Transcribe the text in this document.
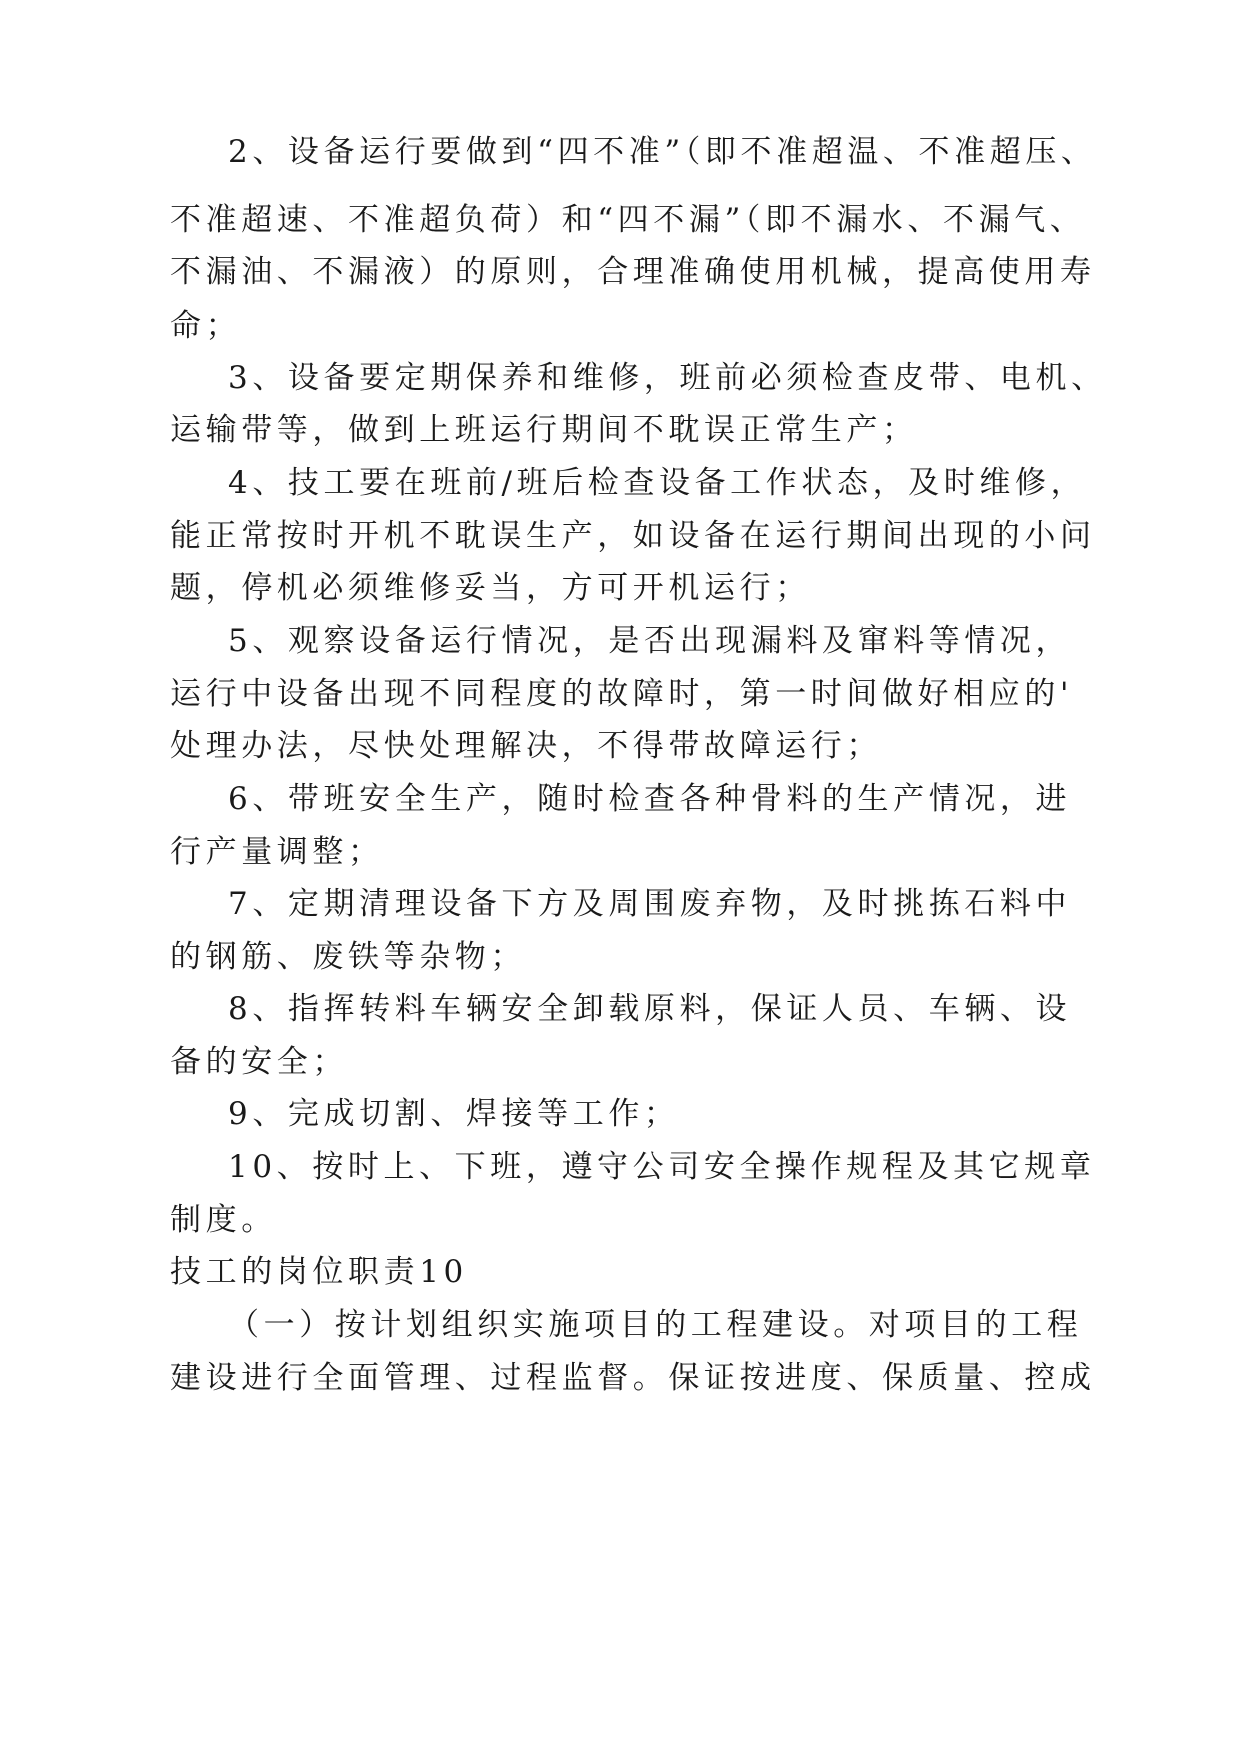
2、设备运行要做到“四不准”（即不准超温、不准超压、
不准超速、不准超负荷）和“四不漏”（即不漏水、不漏气、
不漏油、不漏液）的原则，合理准确使用机械，提高使用寿
命；
3、设备要定期保养和维修，班前必须检查皮带、电机、
运输带等，做到上班运行期间不耽误正常生产；
4、技工要在班前/班后检查设备工作状态，及时维修，
能正常按时开机不耽误生产，如设备在运行期间出现的小问
题，停机必须维修妥当，方可开机运行；
5、观察设备运行情况，是否出现漏料及窜料等情况，
运行中设备出现不同程度的故障时，第一时间做好相应的'
处理办法，尽快处理解决，不得带故障运行；
6、带班安全生产，随时检查各种骨料的生产情况，进
行产量调整；
7、定期清理设备下方及周围废弃物，及时挑拣石料中
的钢筋、废铁等杂物；
8、指挥转料车辆安全卸载原料，保证人员、车辆、设
备的安全；
9、完成切割、焊接等工作；
10、按时上、下班，遵守公司安全操作规程及其它规章
制度。
技工的岗位职责10
（一）按计划组织实施项目的工程建设。对项目的工程
建设进行全面管理、过程监督。保证按进度、保质量、控成
